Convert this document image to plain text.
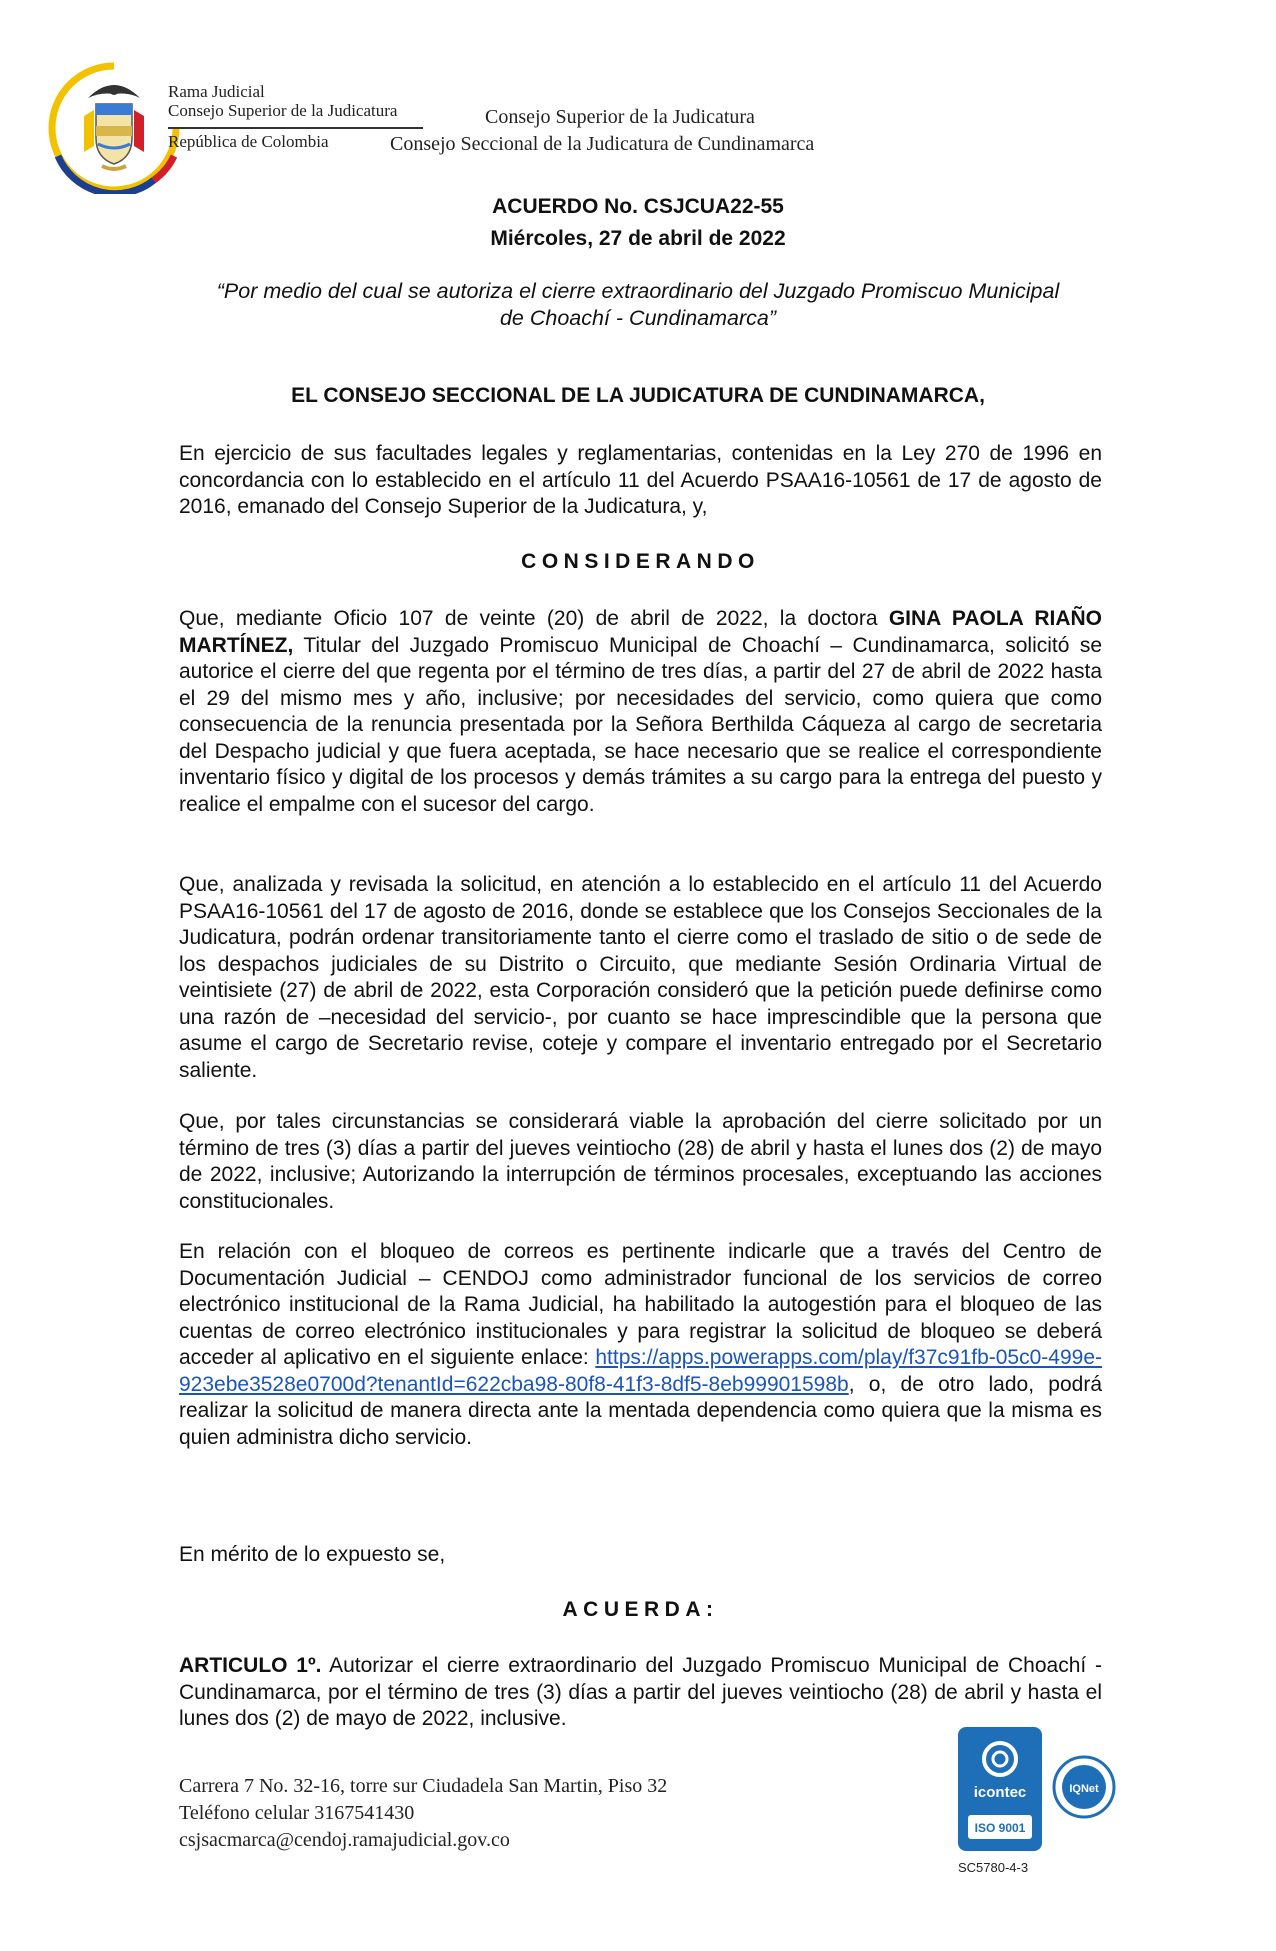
Rama Judicial
Consejo Superior de la Judicatura
República de Colombia
Consejo Superior de la Judicatura
Consejo Seccional de la Judicatura de Cundinamarca
ACUERDO No. CSJCUA22-55
Miércoles, 27 de abril de 2022
“Por medio del cual se autoriza el cierre extraordinario del Juzgado Promiscuo Municipal
de Choachí - Cundinamarca”
EL CONSEJO SECCIONAL DE LA JUDICATURA DE CUNDINAMARCA,
En ejercicio de sus facultades legales y reglamentarias, contenidas en la Ley 270 de 1996 en concordancia con lo establecido en el artículo 11 del Acuerdo PSAA16-10561 de 17 de agosto de 2016, emanado del Consejo Superior de la Judicatura, y,
CONSIDERANDO
Que, mediante Oficio 107 de veinte (20) de abril de 2022, la doctora GINA PAOLA RIAÑO MARTÍNEZ, Titular del Juzgado Promiscuo Municipal de Choachí – Cundinamarca, solicitó se autorice el cierre del que regenta por el término de tres días, a partir del 27 de abril de 2022 hasta el 29 del mismo mes y año, inclusive; por necesidades del servicio, como quiera que como consecuencia de la renuncia presentada por la Señora Berthilda Cáqueza al cargo de secretaria del Despacho judicial y que fuera aceptada, se hace necesario que se realice el correspondiente inventario físico y digital de los procesos y demás trámites a su cargo para la entrega del puesto y realice el empalme con el sucesor del cargo.
Que, analizada y revisada la solicitud, en atención a lo establecido en el artículo 11 del Acuerdo PSAA16-10561 del 17 de agosto de 2016, donde se establece que los Consejos Seccionales de la Judicatura, podrán ordenar transitoriamente tanto el cierre como el traslado de sitio o de sede de los despachos judiciales de su Distrito o Circuito, que mediante Sesión Ordinaria Virtual de veintisiete (27) de abril de 2022, esta Corporación consideró que la petición puede definirse como una razón de –necesidad del servicio-, por cuanto se hace imprescindible que la persona que asume el cargo de Secretario revise, coteje y compare el inventario entregado por el Secretario saliente.
Que, por tales circunstancias se considerará viable la aprobación del cierre solicitado por un término de tres (3) días a partir del jueves veintiocho (28) de abril y hasta el lunes dos (2) de mayo de 2022, inclusive; Autorizando la interrupción de términos procesales, exceptuando las acciones constitucionales.
En relación con el bloqueo de correos es pertinente indicarle que a través del Centro de Documentación Judicial – CENDOJ como administrador funcional de los servicios de correo electrónico institucional de la Rama Judicial, ha habilitado la autogestión para el bloqueo de las cuentas de correo electrónico institucionales y para registrar la solicitud de bloqueo se deberá acceder al aplicativo en el siguiente enlace: https://apps.powerapps.com/play/f37c91fb-05c0-499e-923ebe3528e0700d?tenantId=622cba98-80f8-41f3-8df5-8eb99901598b, o, de otro lado, podrá realizar la solicitud de manera directa ante la mentada dependencia como quiera que la misma es quien administra dicho servicio.
En mérito de lo expuesto se,
ACUERDA:
ARTICULO 1º. Autorizar el cierre extraordinario del Juzgado Promiscuo Municipal de Choachí - Cundinamarca, por el término de tres (3) días a partir del jueves veintiocho (28) de abril y hasta el lunes dos (2) de mayo de 2022, inclusive.
Carrera 7 No. 32-16, torre sur Ciudadela San Martin, Piso 32
Teléfono celular 3167541430
csjsacmarca@cendoj.ramajudicial.gov.co
icontec
ISO 9001
IQNet
SC5780-4-3
